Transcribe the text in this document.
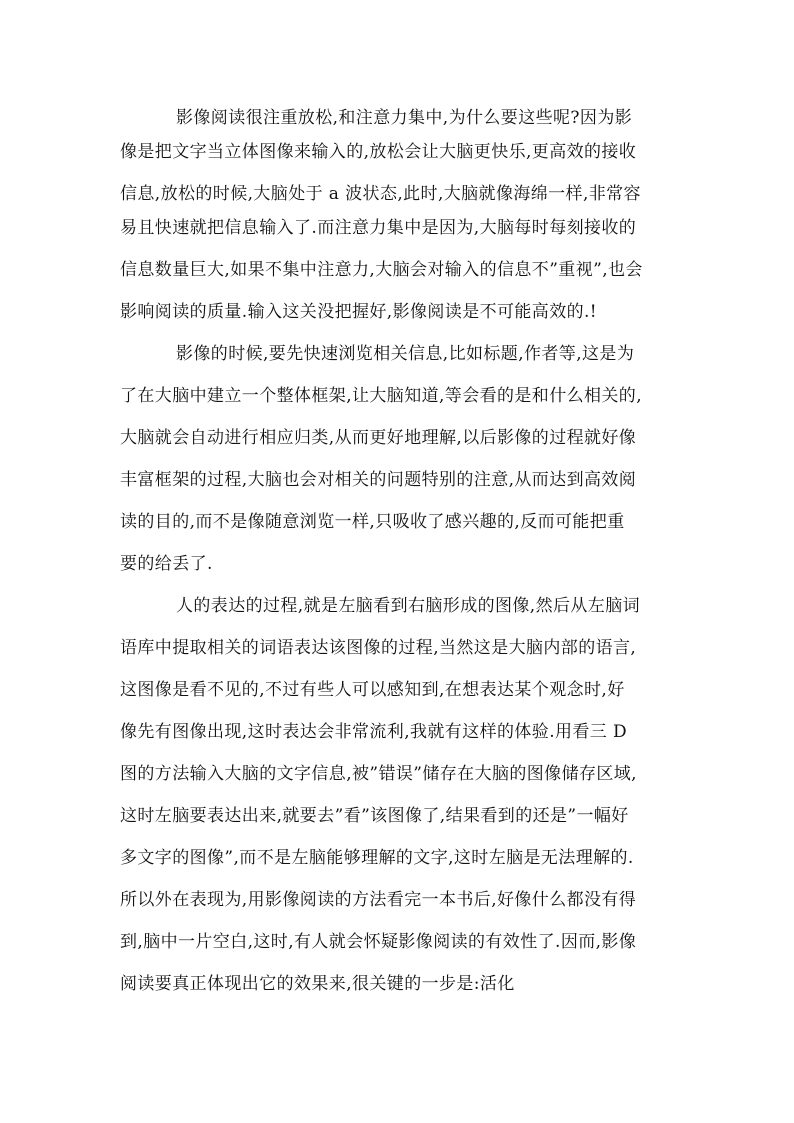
影像阅读很注重放松,和注意力集中,为什么要这些呢?因为影
像是把文字当立体图像来输入的,放松会让大脑更快乐,更高效的接收
信息,放松的时候,大脑处于 a 波状态,此时,大脑就像海绵一样,非常容
易且快速就把信息输入了.而注意力集中是因为,大脑每时每刻接收的
信息数量巨大,如果不集中注意力,大脑会对输入的信息不”重视”,也会
影响阅读的质量.输入这关没把握好,影像阅读是不可能高效的.!
影像的时候,要先快速浏览相关信息,比如标题,作者等,这是为
了在大脑中建立一个整体框架,让大脑知道,等会看的是和什么相关的,
大脑就会自动进行相应归类,从而更好地理解,以后影像的过程就好像
丰富框架的过程,大脑也会对相关的问题特别的注意,从而达到高效阅
读的目的,而不是像随意浏览一样,只吸收了感兴趣的,反而可能把重
要的给丢了.
人的表达的过程,就是左脑看到右脑形成的图像,然后从左脑词
语库中提取相关的词语表达该图像的过程,当然这是大脑内部的语言,
这图像是看不见的,不过有些人可以感知到,在想表达某个观念时,好
像先有图像出现,这时表达会非常流利,我就有这样的体验.用看三 D
图的方法输入大脑的文字信息,被”错误”储存在大脑的图像储存区域,
这时左脑要表达出来,就要去”看”该图像了,结果看到的还是”一幅好
多文字的图像”,而不是左脑能够理解的文字,这时左脑是无法理解的.
所以外在表现为,用影像阅读的方法看完一本书后,好像什么都没有得
到,脑中一片空白,这时,有人就会怀疑影像阅读的有效性了.因而,影像
阅读要真正体现出它的效果来,很关键的一步是:活化
